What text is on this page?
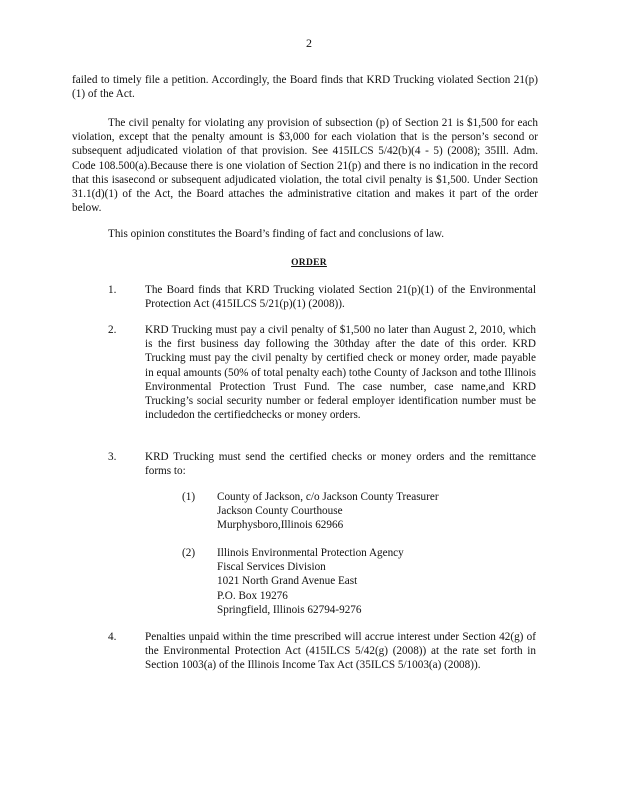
2

failed to timely file a petition. Accordingly, the Board finds that KRD Trucking violated Section 21(p)(1) of the Act.

The civil penalty for violating any provision of subsection (p) of Section 21 is $1,500 for each violation, except that the penalty amount is $3,000 for each violation that is the person’s second or subsequent adjudicated violation of that provision. See 415ILCS 5/42(b)(4 - 5) (2008); 35Ill. Adm. Code 108.500(a).Because there is one violation of Section 21(p) and there is no indication in the record that this isasecond or subsequent adjudicated violation, the total civil penalty is $1,500. Under Section 31.1(d)(1) of the Act, the Board attaches the administrative citation and makes it part of the order below.

This opinion constitutes the Board’s finding of fact and conclusions of law.

ORDER
1.	The Board finds that KRD Trucking violated Section 21(p)(1) of the Environmental Protection Act (415ILCS 5/21(p)(1) (2008)).
2.	KRD Trucking must pay a civil penalty of $1,500 no later than August 2, 2010, which is the first business day following the 30thday after the date of this order. KRD Trucking must pay the civil penalty by certified check or money order, made payable in equal amounts (50% of total penalty each) tothe County of Jackson and tothe Illinois Environmental Protection Trust Fund. The case number, case name,and KRD Trucking’s social security number or federal employer identification number must be includedon the certifiedchecks or money orders.
3.	KRD Trucking must send the certified checks or money orders and the remittance forms to:
(1) County of Jackson, c/o Jackson County Treasurer
Jackson County Courthouse
Murphysboro,Illinois 62966
(2) Illinois Environmental Protection Agency
Fiscal Services Division
1021 North Grand Avenue East
P.O. Box 19276
Springfield, Illinois 62794-9276
4.	Penalties unpaid within the time prescribed will accrue interest under Section 42(g) of the Environmental Protection Act (415ILCS 5/42(g) (2008)) at the rate set forth in Section 1003(a) of the Illinois Income Tax Act (35ILCS 5/1003(a) (2008)).
